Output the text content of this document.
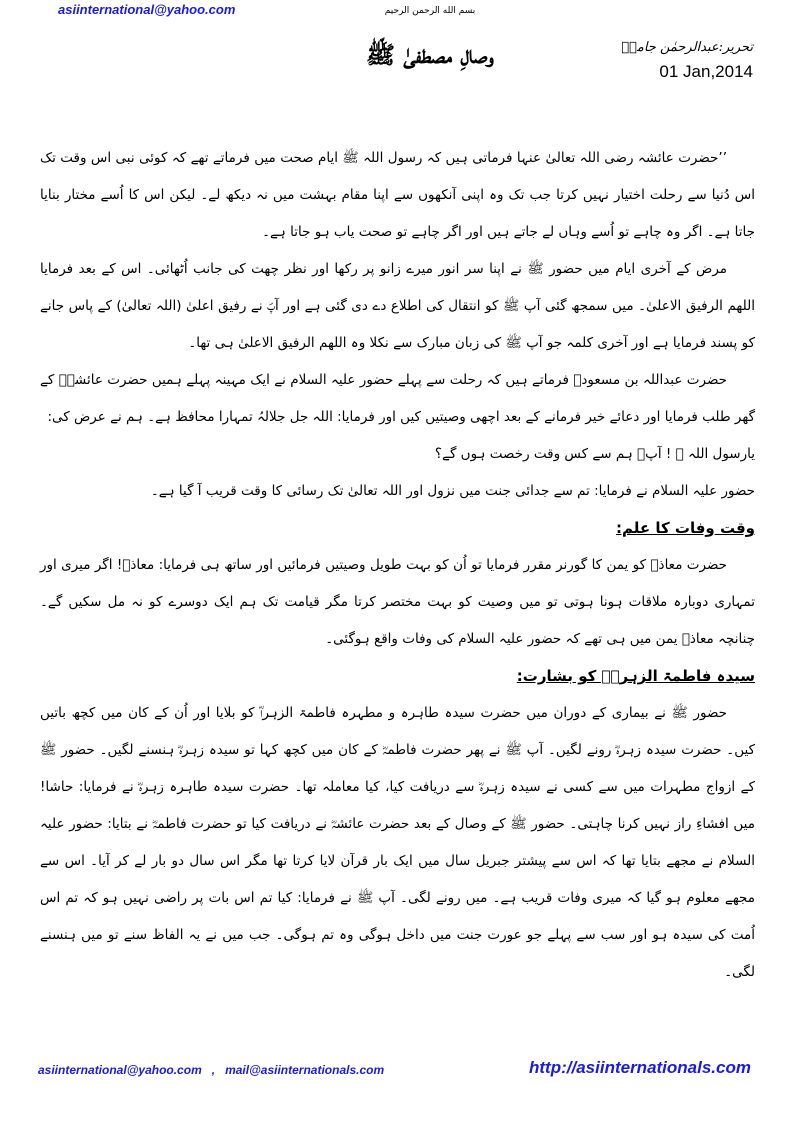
asiinternational@yahoo.com	بسم الله الرحمن الرحیم
وصالِ مصطفیٰ ﷺ	تحریر:عبدالرحمٰن جامیؒ
01 Jan,2014

’’حضرت عائشہ رضی اللہ تعالیٰ عنہا فرماتی ہیں کہ رسول اللہ ﷺ ایام صحت میں فرماتے تھے کہ کوئی نبی اس وقت تک اس دُنیا سے رحلت اختیار نہیں کرتا جب تک وہ اپنی آنکھوں سے اپنا مقام بہشت میں نہ دیکھ لے۔ لیکن اس کا اُسے مختار بنایا جاتا ہے۔ اگر وہ چاہے تو اُسے وہاں لے جاتے ہیں اور اگر چاہے تو صحت یاب ہو جاتا ہے۔

مرض کے آخری ایام میں حضور ﷺ نے اپنا سر انور میرے زانو پر رکھا اور نظر چھت کی جانب اُٹھائی۔ اس کے بعد فرمایا اللھم الرفیق الاعلیٰ۔ میں سمجھ گئی آپ ﷺ کو انتقال کی اطلاع دے دی گئی ہے اور آپؐ نے رفیق اعلیٰ (اللہ تعالیٰ) کے پاس جانے کو پسند فرمایا ہے اور آخری کلمہ جو آپ ﷺ کی زبان مبارک سے نکلا وہ اللھم الرفیق الاعلیٰ ہی تھا۔

حضرت عبداللہ بن مسعودؓ فرماتے ہیں کہ رحلت سے پہلے حضور علیہ السلام نے ایک مہینہ پہلے ہمیں حضرت عائشہؓ کے گھر طلب فرمایا اور دعائے خیر فرمانے کے بعد اچھی وصیتیں کیں اور فرمایا: اللہ جل جلالہُ تمہارا محافظ ہے۔ ہم نے عرض کی:

یارسول اللہ ﷺ ! آپؐ ہم سے کس وقت رخصت ہوں گے؟

حضور علیہ السلام نے فرمایا: تم سے جدائی جنت میں نزول اور اللہ تعالیٰ تک رسائی کا وقت قریب آ گیا ہے۔

وقت وفات کا علم:

حضرت معاذؓ کو یمن کا گورنر مقرر فرمایا تو اُن کو بہت طویل وصیتیں فرمائیں اور ساتھ ہی فرمایا: معاذؓ! اگر میری اور تمہاری دوبارہ ملاقات ہونا ہوتی تو میں وصیت کو بہت مختصر کرتا مگر قیامت تک ہم ایک دوسرے کو نہ مل سکیں گے۔ چنانچہ معاذؓ یمن میں ہی تھے کہ حضور علیہ السلام کی وفات واقع ہوگئی۔

سیدہ فاطمۃ الزہرہؓ کو بشارت:

حضور ﷺ نے بیماری کے دوران میں حضرت سیدہ طاہرہ و مطہرہ فاطمۃ الزہراؓ کو بلایا اور اُن کے کان میں کچھ باتیں کیں۔ حضرت سیدہ زہرہؓ رونے لگیں۔ آپ ﷺ نے پھر حضرت فاطمہؓ کے کان میں کچھ کہا تو سیدہ زہرہؓ ہنسنے لگیں۔ حضور ﷺ کے ازواج مطہرات میں سے کسی نے سیدہ زہرہؓ سے دریافت کیا، کیا معاملہ تھا۔ حضرت سیدہ طاہرہ زہرہؓ نے فرمایا: حاشا! میں افشاءِ راز نہیں کرنا چاہتی۔ حضور ﷺ کے وصال کے بعد حضرت عائشہؓ نے دریافت کیا تو حضرت فاطمہؓ نے بتایا: حضور علیہ السلام نے مجھے بتایا تھا کہ اس سے پیشتر جبریل سال میں ایک بار قرآن لایا کرتا تھا مگر اس سال دو بار لے کر آیا۔ اس سے مجھے معلوم ہو گیا کہ میری وفات قریب ہے۔ میں رونے لگی۔ آپ ﷺ نے فرمایا: کیا تم اس بات پر راضی نہیں ہو کہ تم اس اُمت کی سیدہ ہو اور سب سے پہلے جو عورت جنت میں داخل ہوگی وہ تم ہوگی۔ جب میں نے یہ الفاظ سنے تو میں ہنسنے لگی۔

asiinternational@yahoo.com , mail@asiinternationals.com	http://asiinternationals.com
